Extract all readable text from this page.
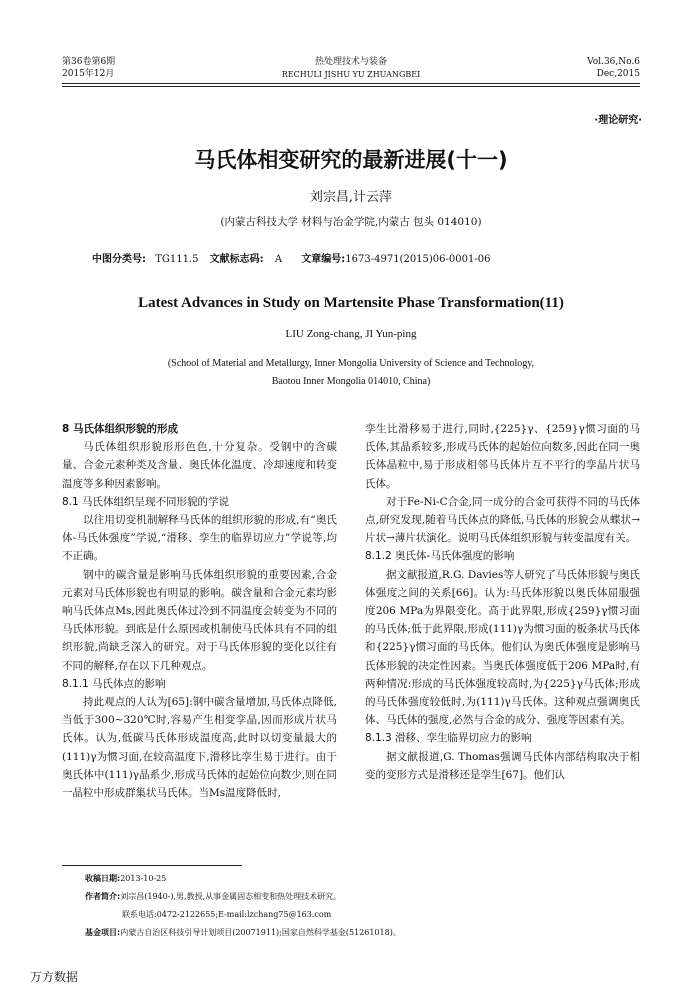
第36卷第6期
2015年12月
热处理技术与装备
RECHULI JISHU YU ZHUANGBEI
Vol.36,No.6
Dec,2015
·理论研究·
马氏体相变研究的最新进展(十一)
刘宗昌,计云萍
(内蒙古科技大学 材料与冶金学院,内蒙古 包头 014010)
中图分类号: TG111.5 文献标志码: A 文章编号:1673-4971(2015)06-0001-06
Latest Advances in Study on Martensite Phase Transformation(11)
LIU Zong-chang, JI Yun-ping
(School of Material and Metallurgy, Inner Mongolia University of Science and Technology,
Baotou Inner Mongolia 014010, China)

8 马氏体组织形貌的形成

马氏体组织形貌形形色色,十分复杂。受钢中的含碳量、合金元素种类及含量、奥氏体化温度、冷却速度和转变温度等多种因素影响。

8.1 马氏体组织呈现不同形貌的学说

以往用切变机制解释马氏体的组织形貌的形成,有“奥氏体-马氏体强度”学说,“滑移、孪生的临界切应力”学说等,均不正确。

钢中的碳含量是影响马氏体组织形貌的重要因素,合金元素对马氏体形貌也有明显的影响。碳含量和合金元素均影响马氏体点Ms,因此奥氏体过冷到不同温度会转变为不同的马氏体形貌。到底是什么原因或机制使马氏体具有不同的组织形貌,尚缺乏深入的研究。对于马氏体形貌的变化以往有不同的解释,存在以下几种观点。

8.1.1 马氏体点的影响

持此观点的人认为[65]:钢中碳含量增加,马氏体点降低,当低于300~320℃时,容易产生相变孪晶,因而形成片状马氏体。认为,低碳马氏体形成温度高,此时以切变量最大的(111)γ为惯习面,在较高温度下,滑移比孪生易于进行。由于奥氏体中(111)γ晶系少,形成马氏体的起始位向数少,则在同一晶粒中形成群集状马氏体。当Ms温度降低时,

孪生比滑移易于进行,同时,{225}γ、{259}γ惯习面的马氏体,其晶系较多,形成马氏体的起始位向数多,因此在同一奥氏体晶粒中,易于形成相邻马氏体片互不平行的孪晶片状马氏体。

对于Fe-Ni-C合金,同一成分的合金可获得不同的马氏体点,研究发现,随着马氏体点的降低,马氏体的形貌会从蝶状→片状→薄片状演化。说明马氏体组织形貌与转变温度有关。

8.1.2 奥氏体-马氏体强度的影响

据文献报道,R.G. Davies等人研究了马氏体形貌与奥氏体强度之间的关系[66]。认为:马氏体形貌以奥氏体屈服强度206 MPa为界限变化。高于此界限,形成{259}γ惯习面的马氏体;低于此界限,形成(111)γ为惯习面的板条状马氏体和{225}γ惯习面的马氏体。他们认为奥氏体强度是影响马氏体形貌的决定性因素。当奥氏体强度低于206 MPa时,有两种情况:形成的马氏体强度较高时,为{225}γ马氏体;形成的马氏体强度较低时,为(111)γ马氏体。这种观点强调奥氏体、马氏体的强度,必然与合金的成分、强度等因素有关。

8.1.3 滑移、孪生临界切应力的影响

据文献报道,G. Thomas强调马氏体内部结构取决于相变的变形方式是滑移还是孪生[67]。他们认

收稿日期:2013-10-25
作者简介:刘宗昌(1940-),男,教授,从事金属固态相变和热处理技术研究。
联系电话:0472-2122655;E-mail:lzchang75@163.com
基金项目:内蒙古自治区科技引导计划项目(20071911);国家自然科学基金(51261018)。
万方数据
